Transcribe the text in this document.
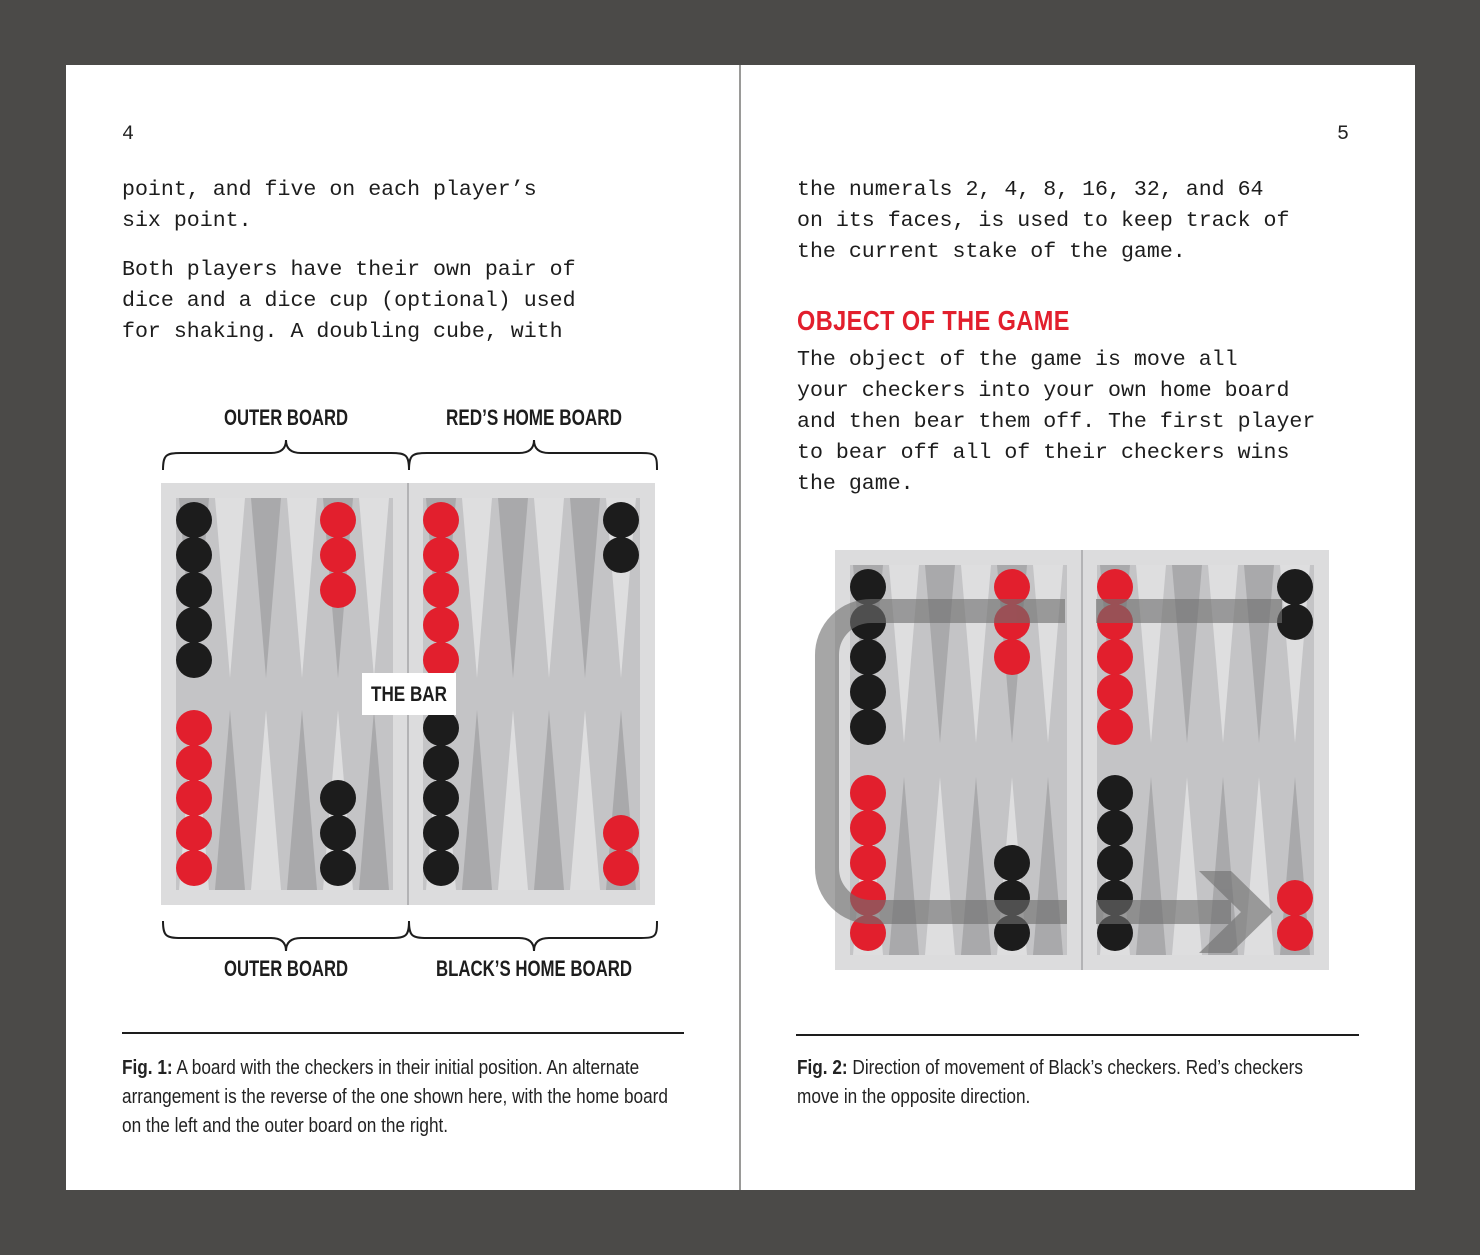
4
point, and five on each player’s
six point.
Both players have their own pair of
dice and a dice cup (optional) used
for shaking. A doubling cube, with
OUTER BOARD	RED’S HOME BOARD
THE BAR
OUTER BOARD	BLACK’S HOME BOARD
Fig. 1: A board with the checkers in their initial position. An alternate arrangement is the reverse of the one shown here, with the home board on the left and the outer board on the right.
5
the numerals 2, 4, 8, 16, 32, and 64
on its faces, is used to keep track of
the current stake of the game.
OBJECT OF THE GAME
The object of the game is move all
your checkers into your own home board
and then bear them off. The first player
to bear off all of their checkers wins
the game.
Fig. 2: Direction of movement of Black’s checkers. Red’s checkers move in the opposite direction.
